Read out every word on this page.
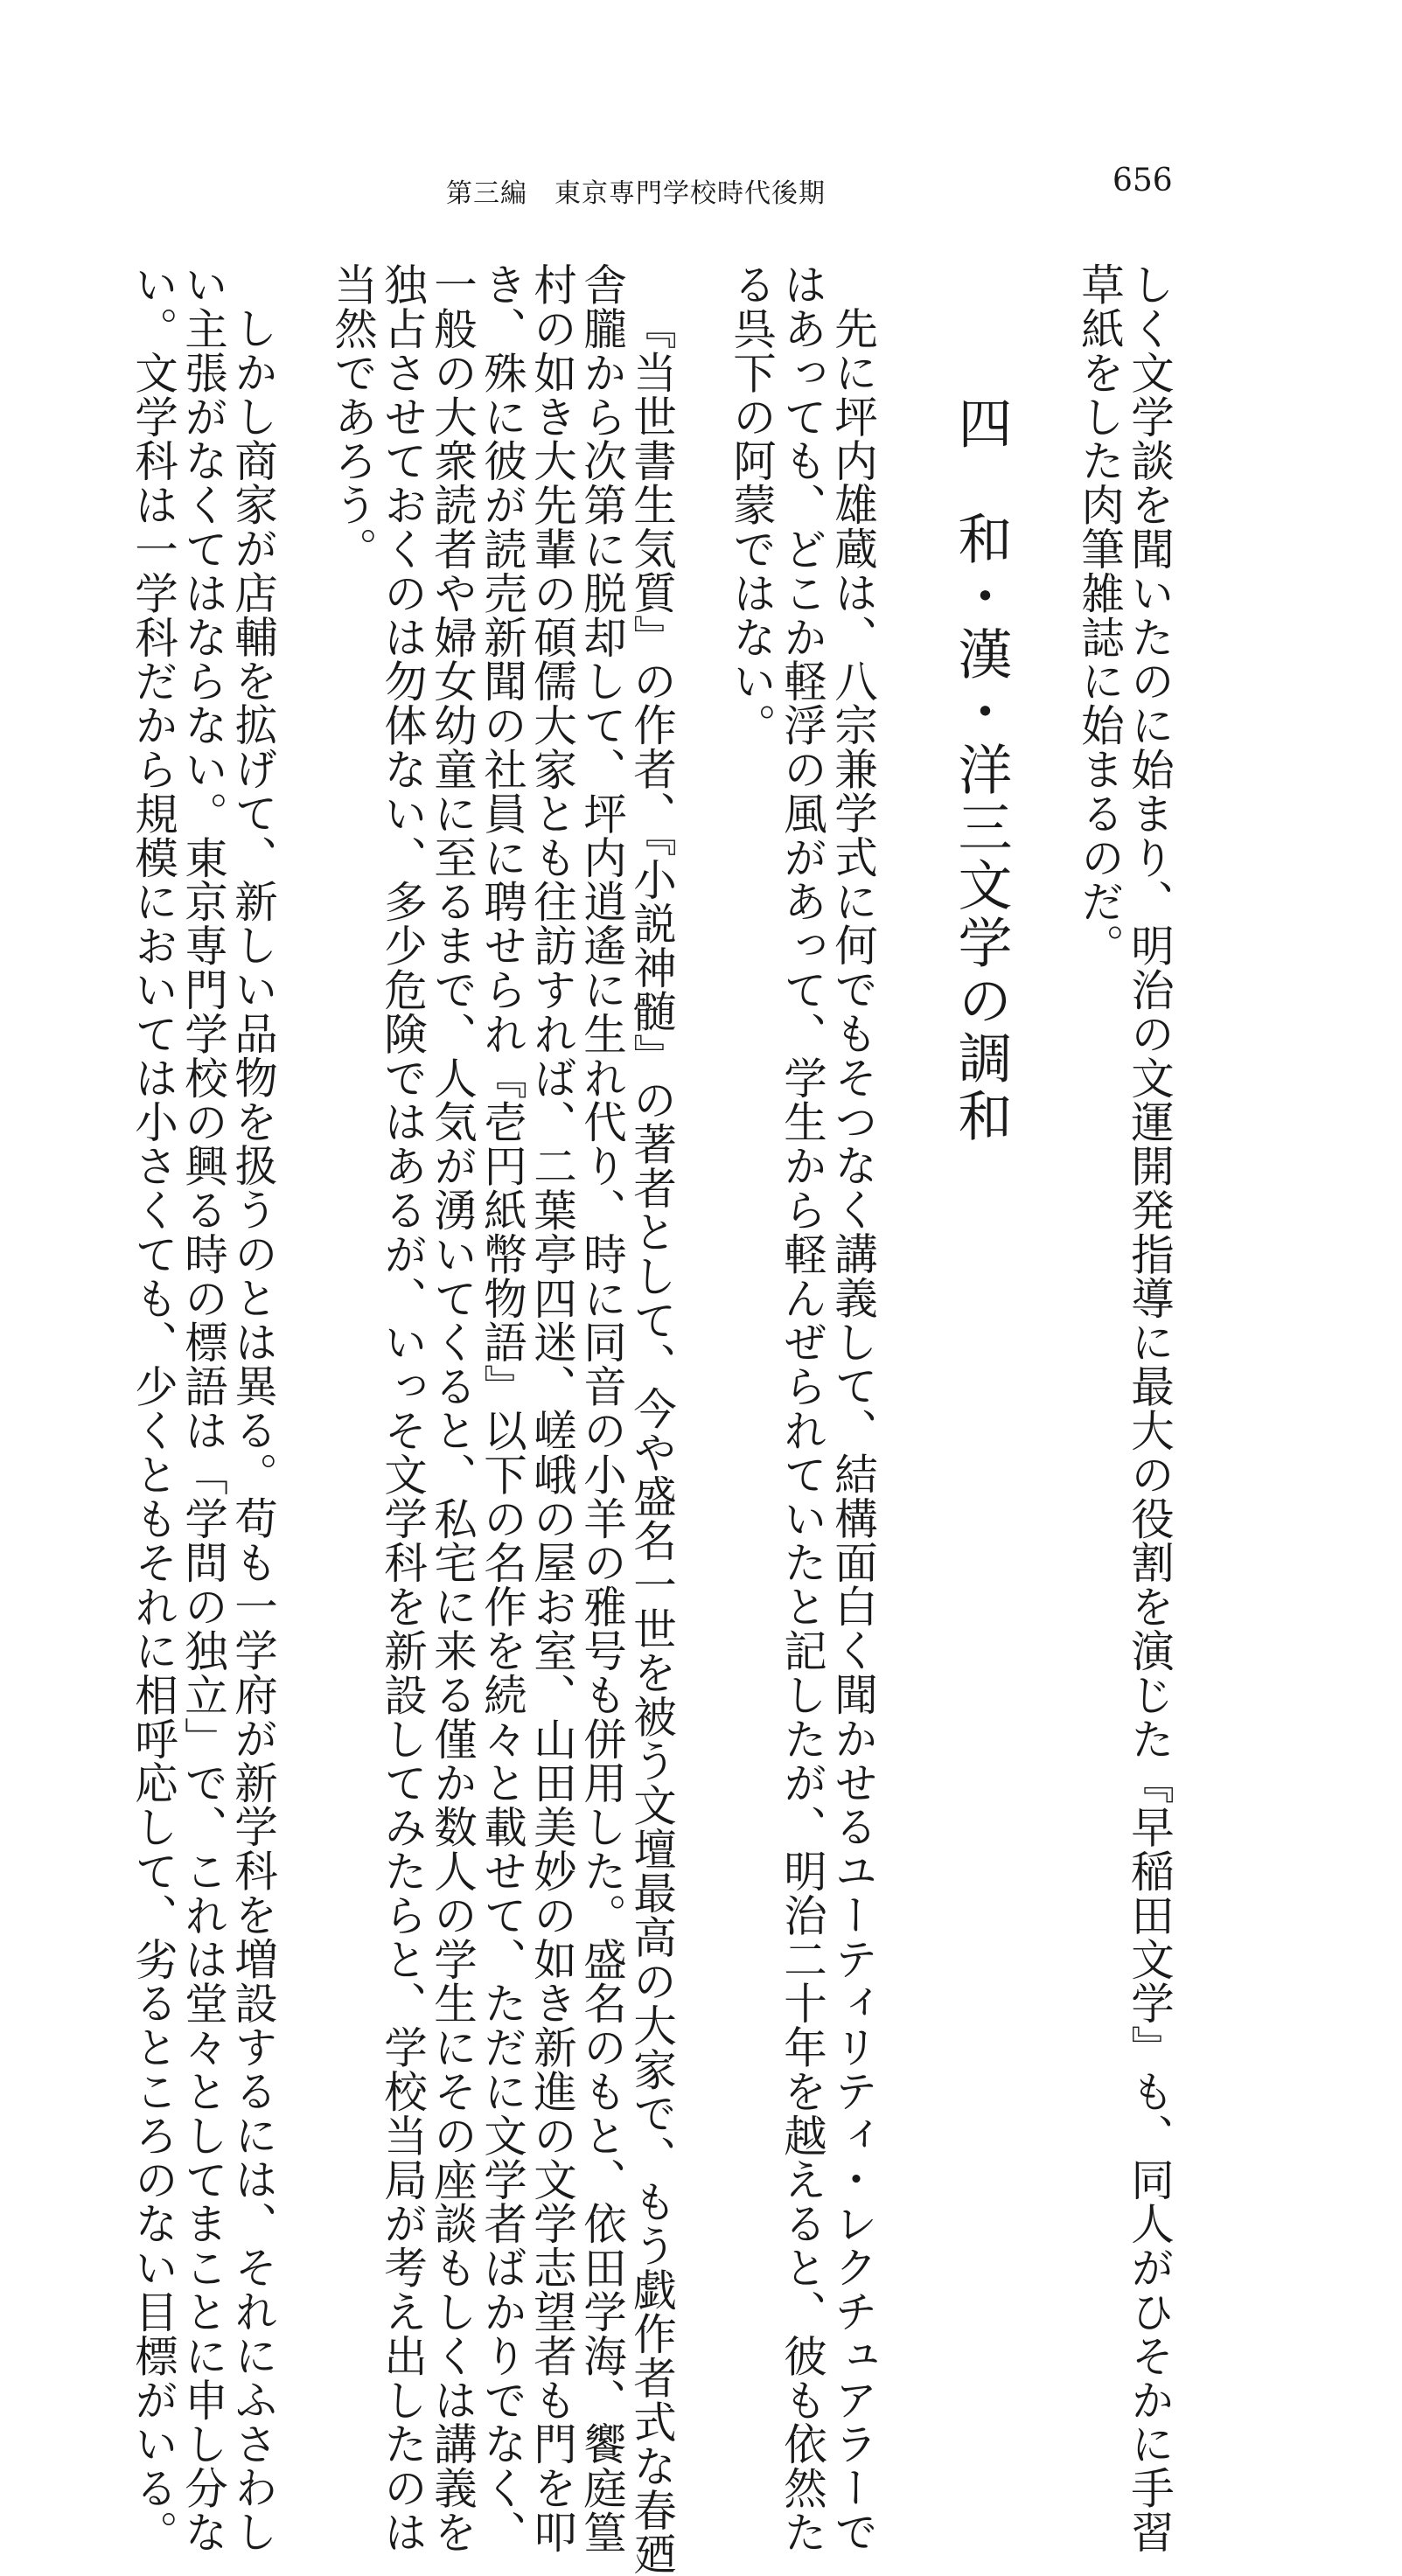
第三編　東京専門学校時代後期	656
しく文学談を聞いたのに始まり、明治の文運開発指導に最大の役割を演じた『早稲田文学』も、同人がひそかに手習
草紙をした肉筆雑誌に始まるのだ。
四　和・漢・洋三文学の調和
先に坪内雄蔵は、八宗兼学式に何でもそつなく講義して、結構面白く聞かせるユーティリティ・レクチュアラーで
はあっても、どこか軽浮の風があって、学生から軽んぜられていたと記したが、明治二十年を越えると、彼も依然た
る呉下の阿蒙ではない。
『当世書生気質』の作者、『小説神髄』の著者として、今や盛名一世を被う文壇最高の大家で、もう戯作者式な春廼
舎朧から次第に脱却して、坪内逍遙に生れ代り、時に同音の小羊の雅号も併用した。盛名のもと、依田学海、饗庭篁
村の如き大先輩の碩儒大家とも往訪すれば、二葉亭四迷、嵯峨の屋お室、山田美妙の如き新進の文学志望者も門を叩
き、殊に彼が読売新聞の社員に聘せられ『壱円紙幣物語』以下の名作を続々と載せて、ただに文学者ばかりでなく、
一般の大衆読者や婦女幼童に至るまで、人気が湧いてくると、私宅に来る僅か数人の学生にその座談もしくは講義を
独占させておくのは勿体ない、多少危険ではあるが、いっそ文学科を新設してみたらと、学校当局が考え出したのは
当然であろう。
しかし商家が店輔を拡げて、新しい品物を扱うのとは異る。苟も一学府が新学科を増設するには、それにふさわし
い主張がなくてはならない。東京専門学校の興る時の標語は「学問の独立」で、これは堂々としてまことに申し分な
い。文学科は一学科だから規模においては小さくても、少くともそれに相呼応して、劣るところのない目標がいる。
